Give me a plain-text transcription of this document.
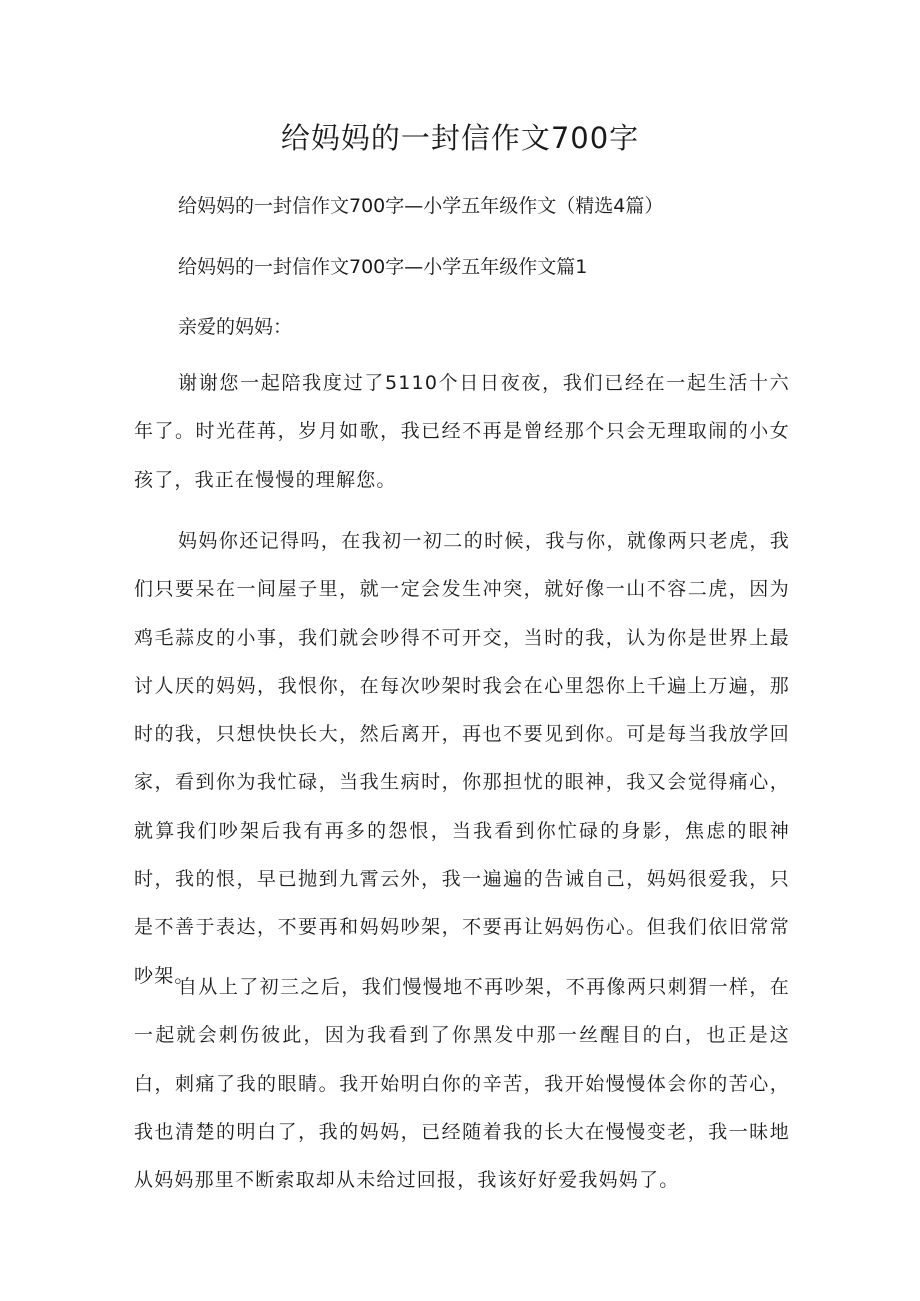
给妈妈的一封信作文700字

给妈妈的一封信作文700字—小学五年级作文（精选4篇）

给妈妈的一封信作文700字—小学五年级作文篇1

亲爱的妈妈：

谢谢您一起陪我度过了5110个日日夜夜，我们已经在一起生活十六年了。时光荏苒，岁月如歌，我已经不再是曾经那个只会无理取闹的小女孩了，我正在慢慢的理解您。

妈妈你还记得吗，在我初一初二的时候，我与你，就像两只老虎，我们只要呆在一间屋子里，就一定会发生冲突，就好像一山不容二虎，因为鸡毛蒜皮的小事，我们就会吵得不可开交，当时的我，认为你是世界上最讨人厌的妈妈，我恨你，在每次吵架时我会在心里怨你上千遍上万遍，那时的我，只想快快长大，然后离开，再也不要见到你。可是每当我放学回家，看到你为我忙碌，当我生病时，你那担忧的眼神，我又会觉得痛心，就算我们吵架后我有再多的怨恨，当我看到你忙碌的身影，焦虑的眼神时，我的恨，早已抛到九霄云外，我一遍遍的告诫自己，妈妈很爱我，只是不善于表达，不要再和妈妈吵架，不要再让妈妈伤心。但我们依旧常常吵架。

自从上了初三之后，我们慢慢地不再吵架，不再像两只刺猬一样，在一起就会刺伤彼此，因为我看到了你黑发中那一丝醒目的白，也正是这白，刺痛了我的眼睛。我开始明白你的辛苦，我开始慢慢体会你的苦心，我也清楚的明白了，我的妈妈，已经随着我的长大在慢慢变老，我一昧地从妈妈那里不断索取却从未给过回报，我该好好爱我妈妈了。
